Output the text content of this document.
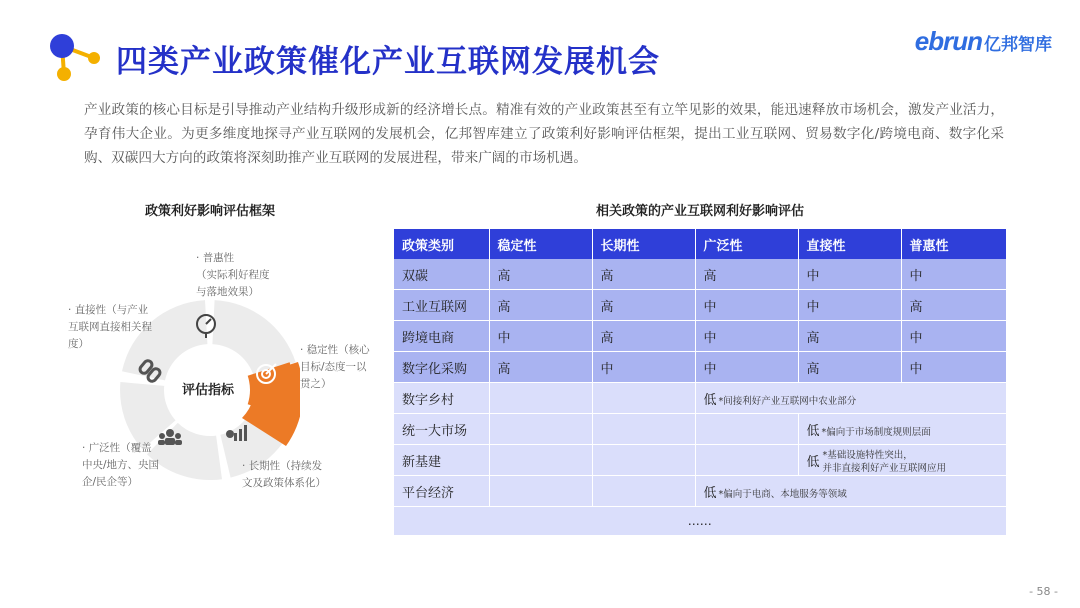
四类产业政策催化产业互联网发展机会
ebrun 亿邦智库
产业政策的核心目标是引导推动产业结构升级形成新的经济增长点。精准有效的产业政策甚至有立竿见影的效果，能迅速释放市场机会，激发产业活力，孕育伟大企业。为更多维度地探寻产业互联网的发展机会，亿邦智库建立了政策利好影响评估框架，提出工业互联网、贸易数字化/跨境电商、数字化采购、双碳四大方向的政策将深刻助推产业互联网的发展进程，带来广阔的市场机遇。
政策利好影响评估框架	相关政策的产业互联网利好影响评估
评估指标
· 普惠性
（实际利好程度与落地效果）
· 稳定性（核心目标/态度一以贯之）
· 长期性（持续发文及政策体系化）
· 广泛性（覆盖中央/地方、央国企/民企等）
· 直接性（与产业互联网直接相关程度）
政策类别	稳定性	长期性	广泛性	直接性	普惠性
双碳	高	高	高	中	中
工业互联网	高	高	中	中	高
跨境电商	中	高	中	高	中
数字化采购	高	中	中	高	中
数字乡村			低 *间接利好产业互联网中农业部分		
统一大市场				低 *偏向于市场制度规则层面	
新基建				低 *基础设施特性突出，
并非直接利好产业互联网应用	

平台经济			低 *偏向于电商、本地服务等领域		
……					
- 58 -
